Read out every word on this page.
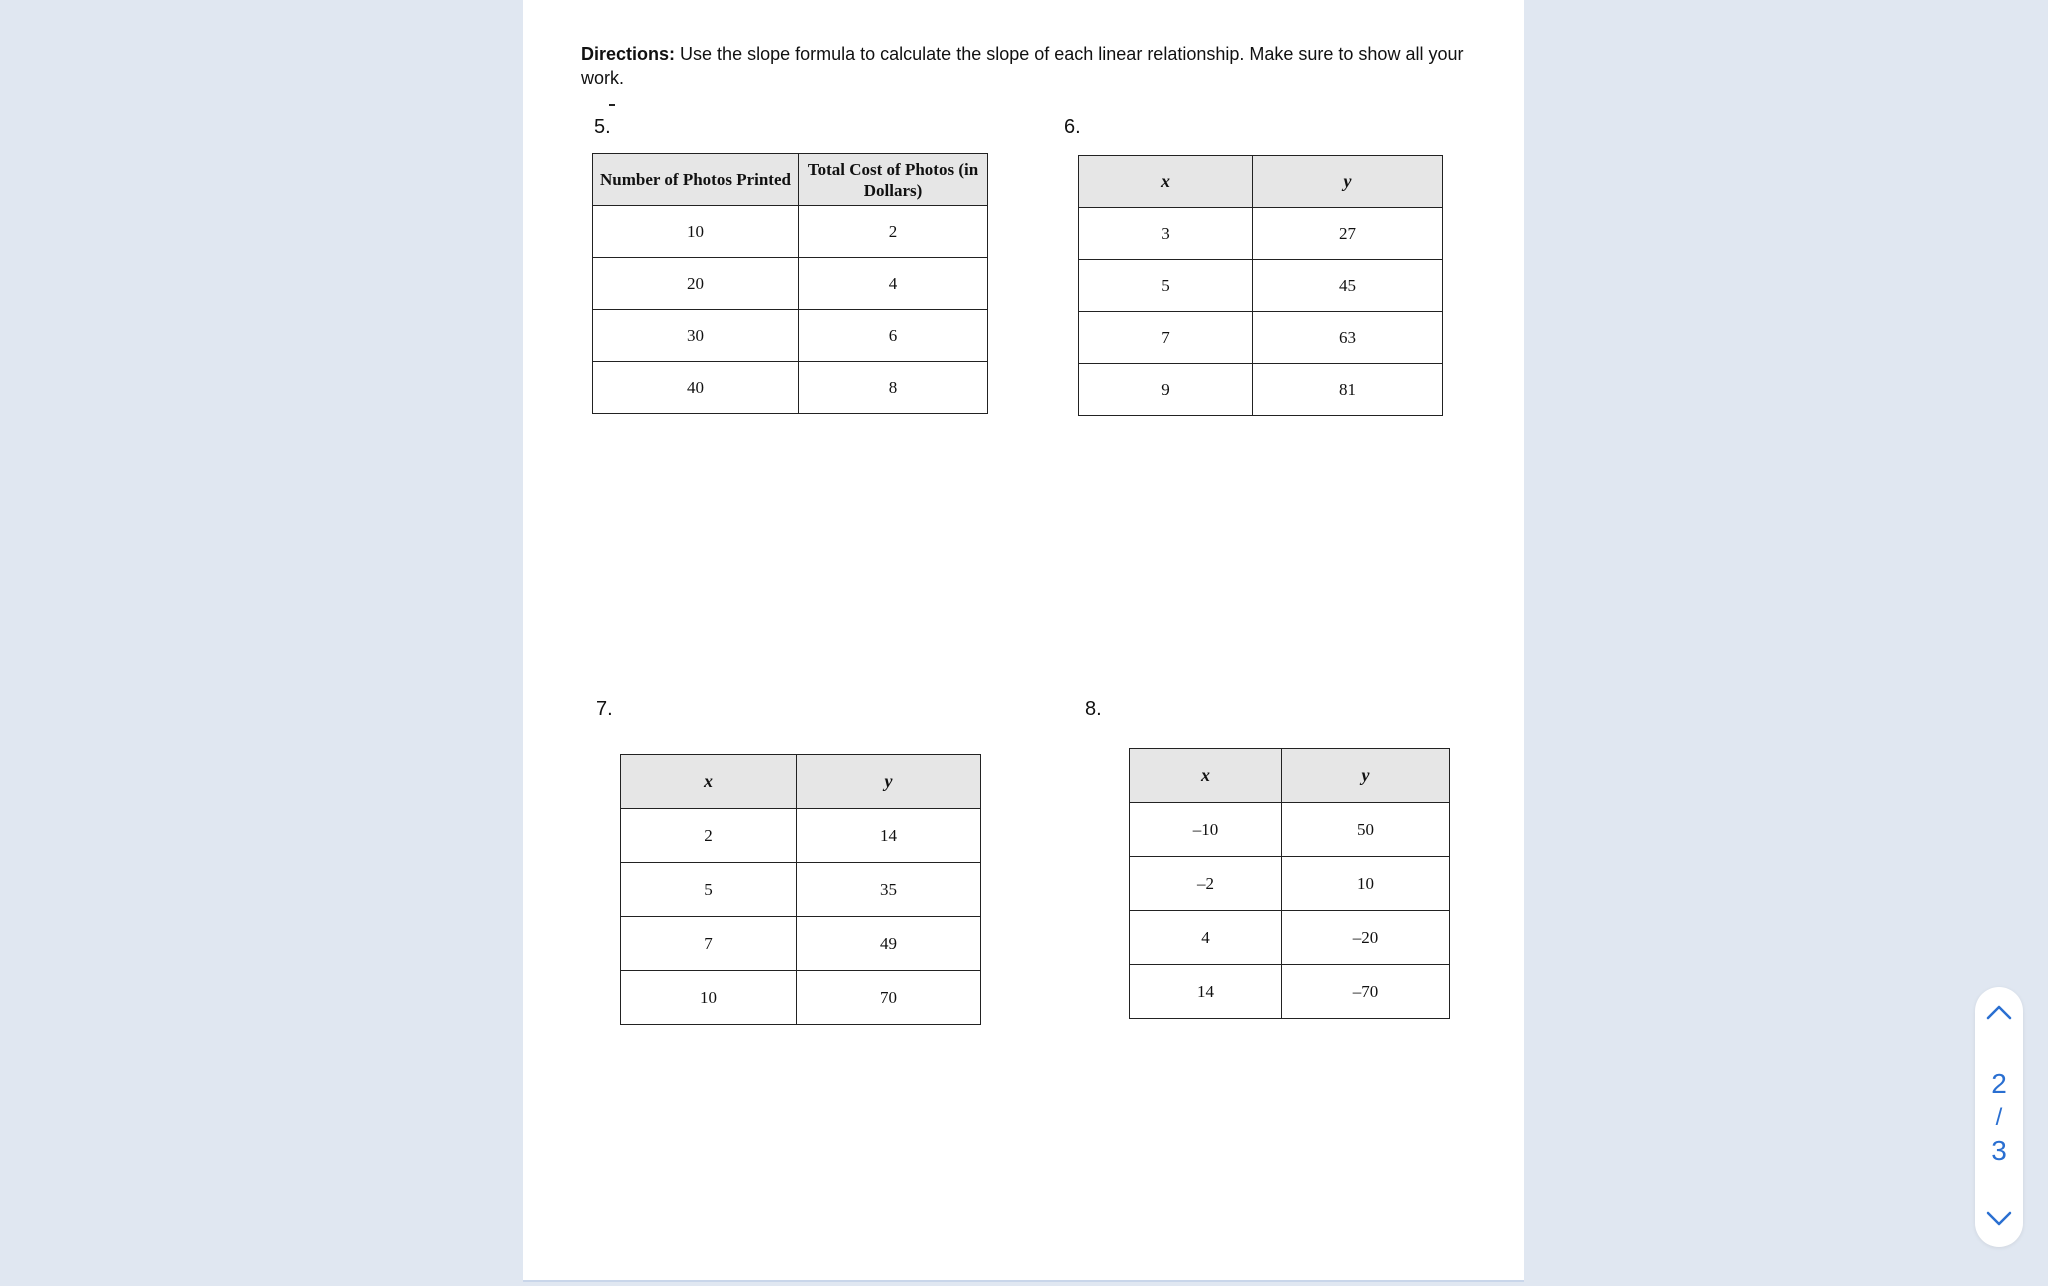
Directions: Use the slope formula to calculate the slope of each linear relationship. Make sure to show all your work.
5.
Number of Photos Printed	Total Cost of Photos (in Dollars)
10	2
20	4
30	6
40	8
6.
x	y
3	27
5	45
7	63
9	81
7.
x	y
2	14
5	35
7	49
10	70
8.
x	y
–10	50
–2	10
4	–20
14	–70
2
/
3
